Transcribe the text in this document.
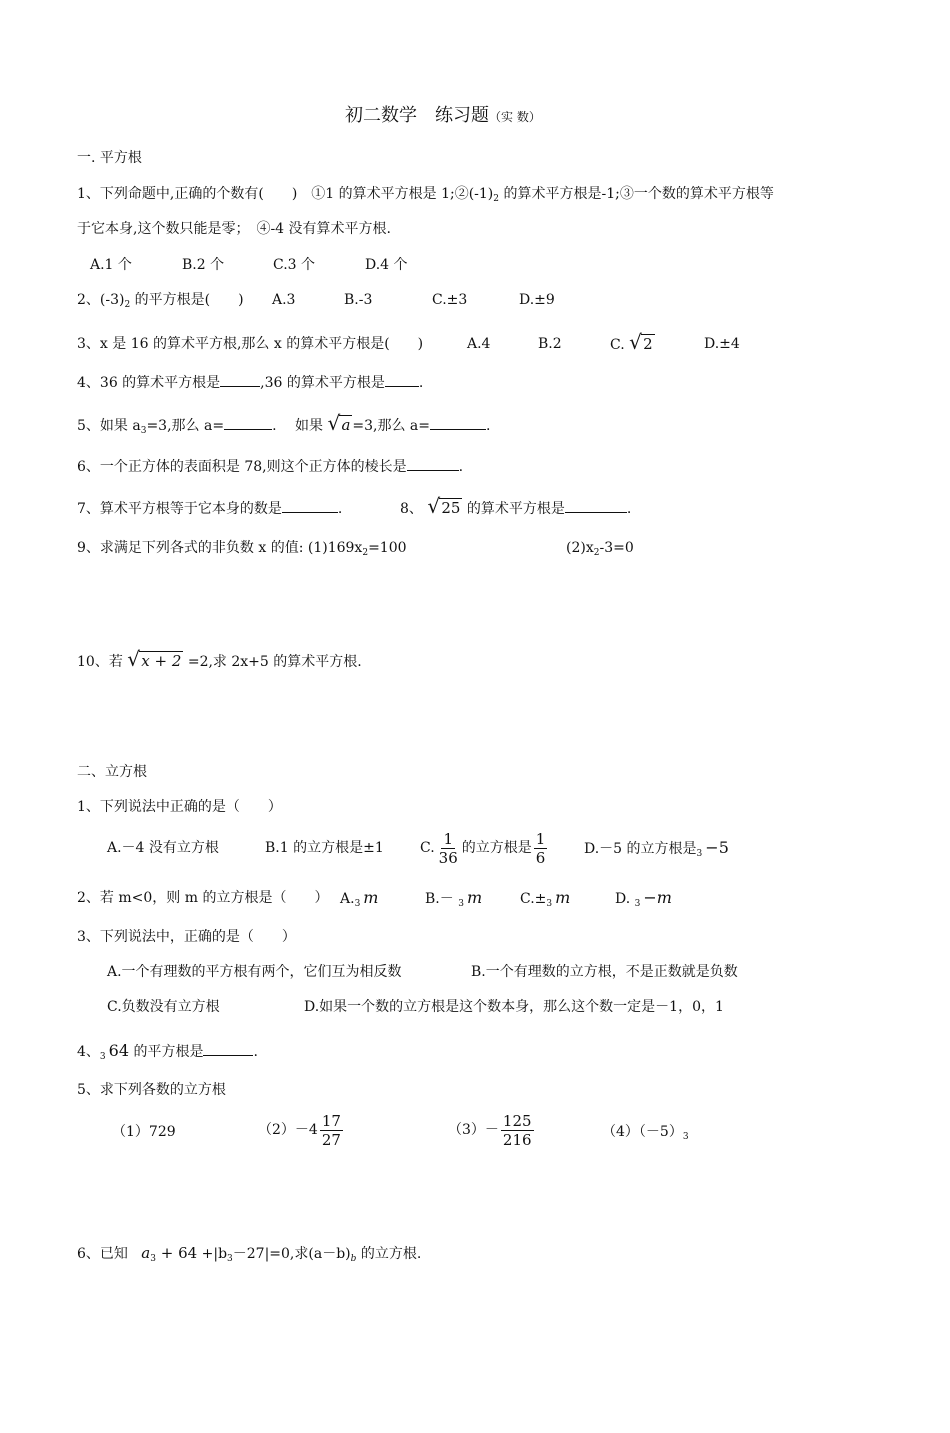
初二数学　练习题（实 数）
一. 平方根
1、下列命题中,正确的个数有(　　)　①1 的算术平方根是 $1;②(-1)_2$ 的算术平方根是-1;③一个数的算术平方根等
于它本身,这个数只能是零；　④-4 没有算术平方根.
A.1 个	B.2 个	C.3 个	D.4 个
2、$(-3)_2$ 的平方根是(　　) A.3	B.-3	C.±3	D.±9
3、x 是 16 的算术平方根,那么 x 的算术平方根是(　　)	A.4	B.2	C. √ 2	D.±4
4、36 的算术平方根是	,36 的算术平方根是 .
5、如果 $a_3=3$,那么 a=	.　 如果 √ a =3,那么 a=	.
6、一个正方体的表面积是 78,则这个正方体的棱长是	.
7、算术平方根等于它本身的数是	.	8、 √ 25 的算术平方根是	.
9、求满足下列各式的非负数 x 的值: $(1)169x_2=100$	$(2)x_2-3=0$
10、若 √ x + 2 =2,求 2x+5 的算术平方根.
二、立方根
1、下列说法中正确的是（　　）
A.－4 没有立方根	B.1 的立方根是±1	C. $\frac{1}{36}$ 的立方根是 $\frac{1}{6}$	D.－5 的立方根是$_3$ −5
2、若 m<0，则 m 的立方根是（　　） $A._3$ m	B.－ $_3$ m	$C.\pm_3$ m	D. $_3$ −m
3、下列说法中，正确的是（　　）
A.一个有理数的平方根有两个，它们互为相反数	B.一个有理数的立方根，不是正数就是负数
C.负数没有立方根	D.如果一个数的立方根是这个数本身，那么这个数一定是－1，0，1
4、$_3$ 64 的平方根是	.
5、求下列各数的立方根
（1）729	$(2)-4 \frac{17}{27}$	$(3)- \frac{125}{216}$	$(4)(-5)_3$
6、已知 $a_3 + 64 +|b_3-27|=0$,求$(a-b)_b$ 的立方根.
